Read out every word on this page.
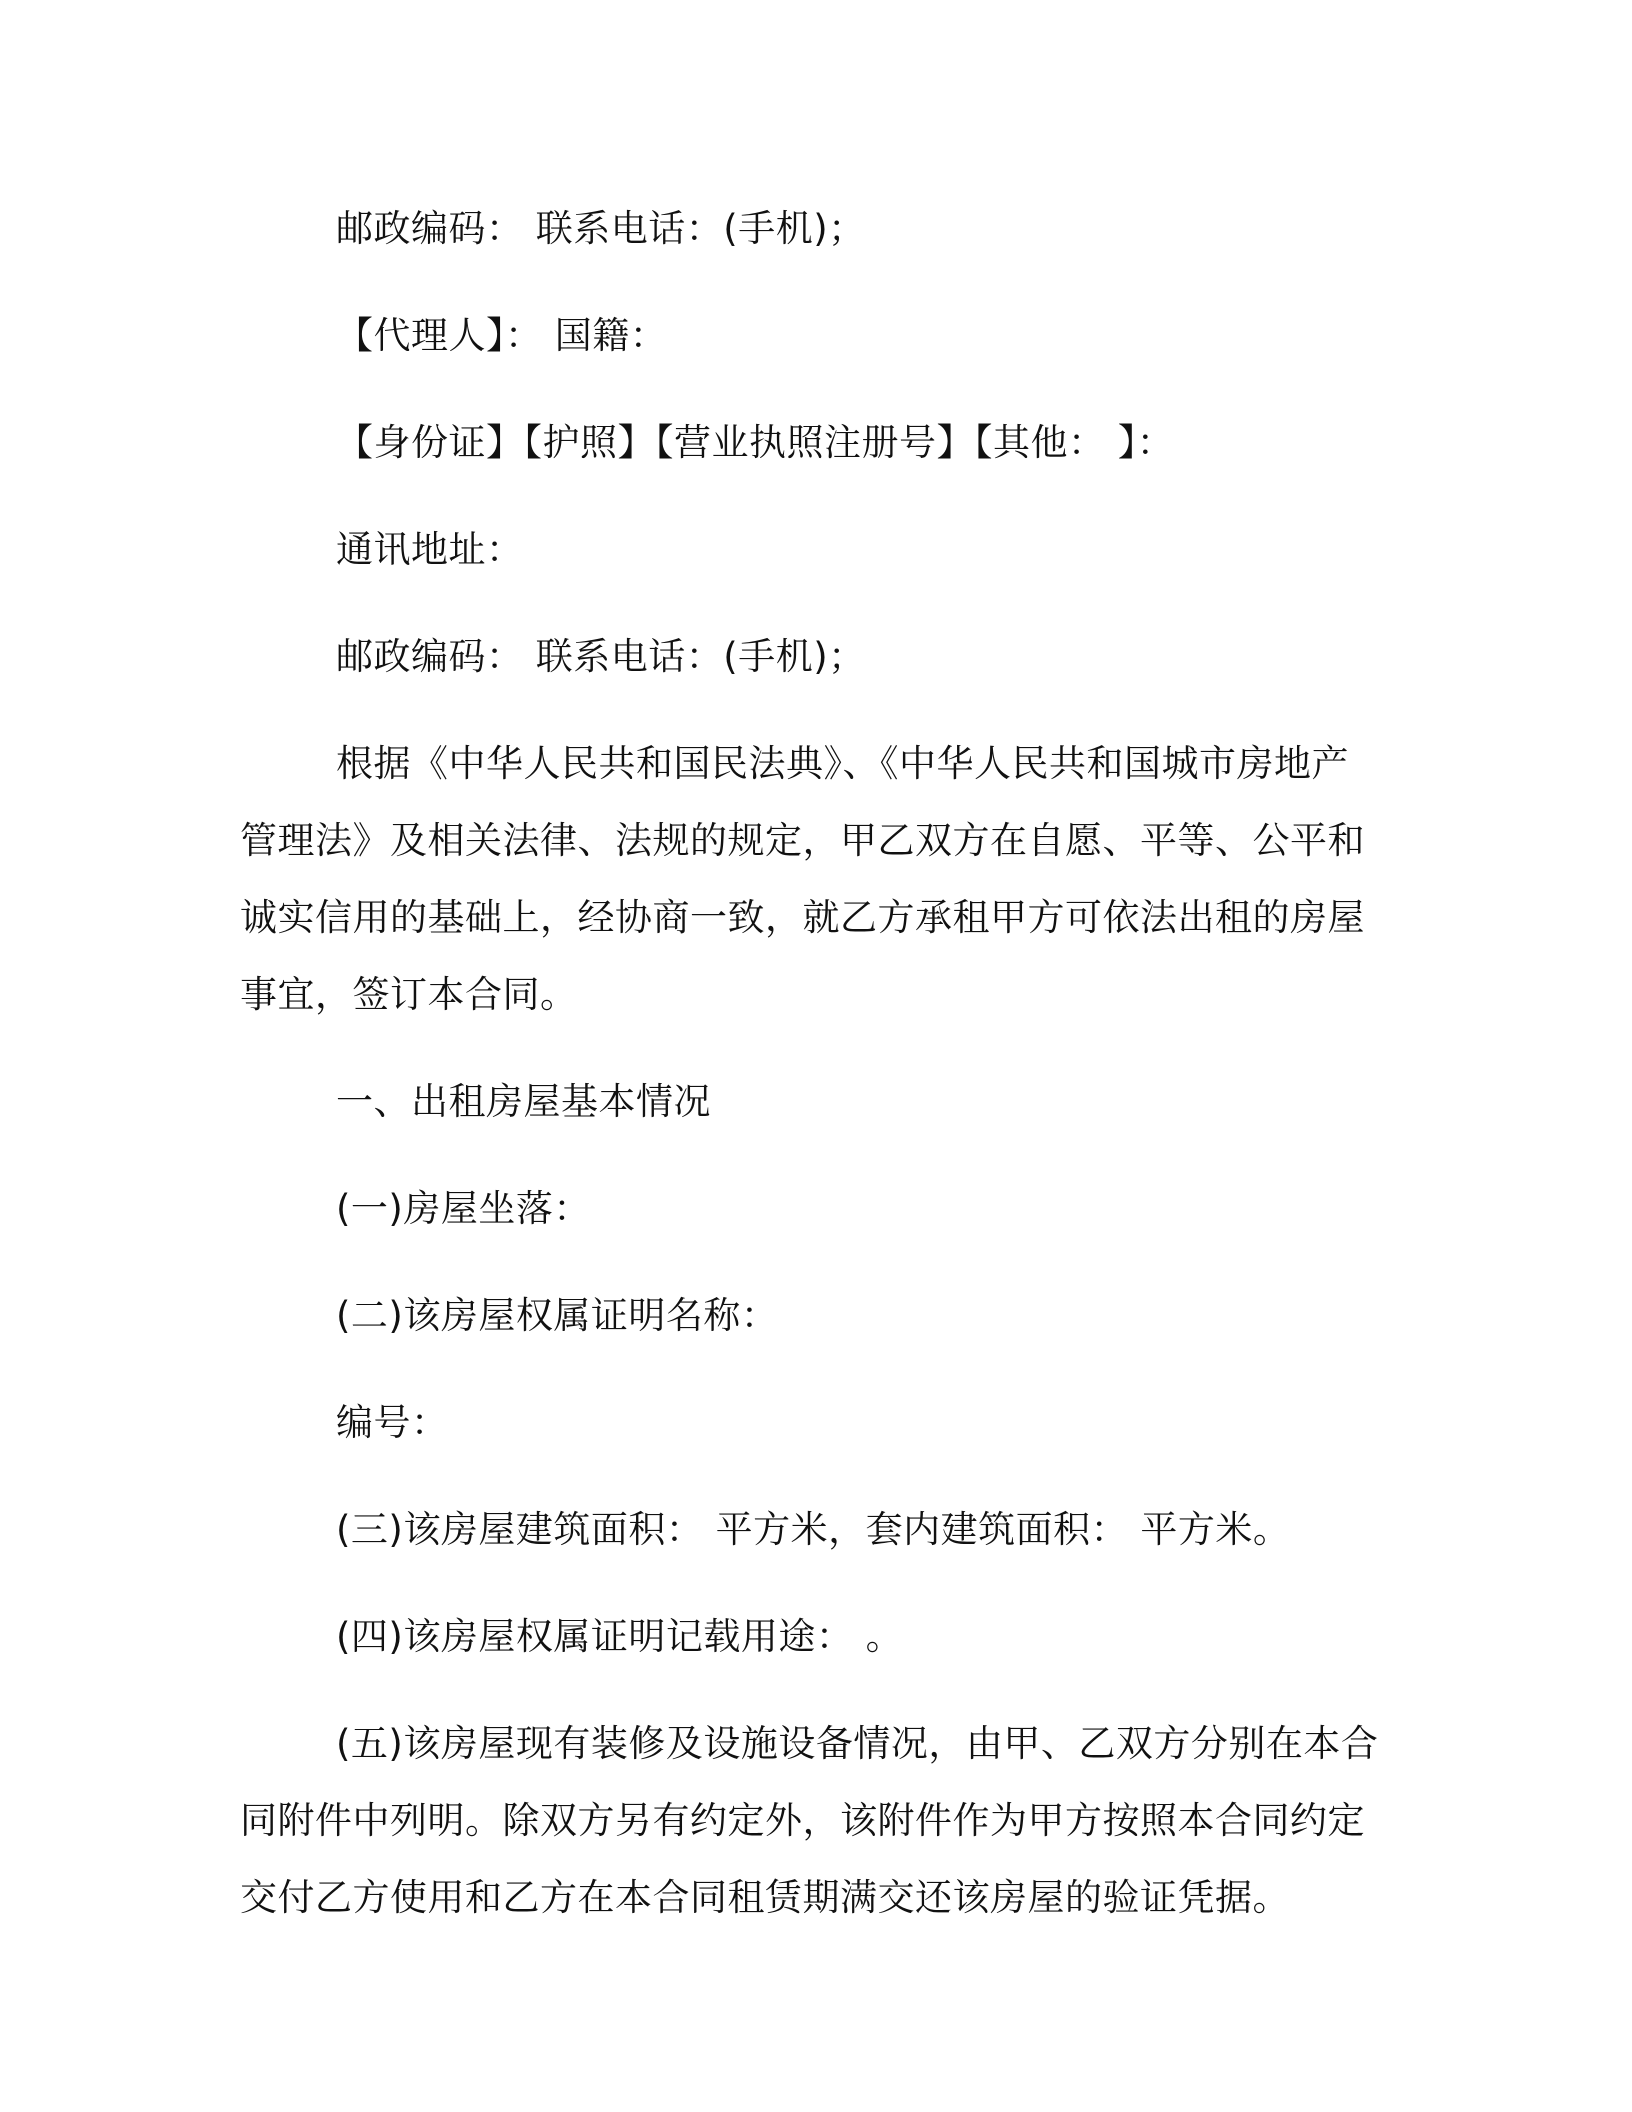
邮政编码： 联系电话：(手机)；

【代理人】： 国籍：

【身份证】【护照】【营业执照注册号】【其他： 】：

通讯地址：

邮政编码： 联系电话：(手机)；

根据《中华人民共和国民法典》、《中华人民共和国城市房地产管理法》及相关法律、法规的规定，甲乙双方在自愿、平等、公平和诚实信用的基础上，经协商一致，就乙方承租甲方可依法出租的房屋事宜，签订本合同。

一、出租房屋基本情况

(一)房屋坐落：

(二)该房屋权属证明名称：

编号：

(三)该房屋建筑面积： 平方米，套内建筑面积： 平方米。

(四)该房屋权属证明记载用途： 。

(五)该房屋现有装修及设施设备情况，由甲、乙双方分别在本合同附件中列明。除双方另有约定外，该附件作为甲方按照本合同约定交付乙方使用和乙方在本合同租赁期满交还该房屋的验证凭据。
